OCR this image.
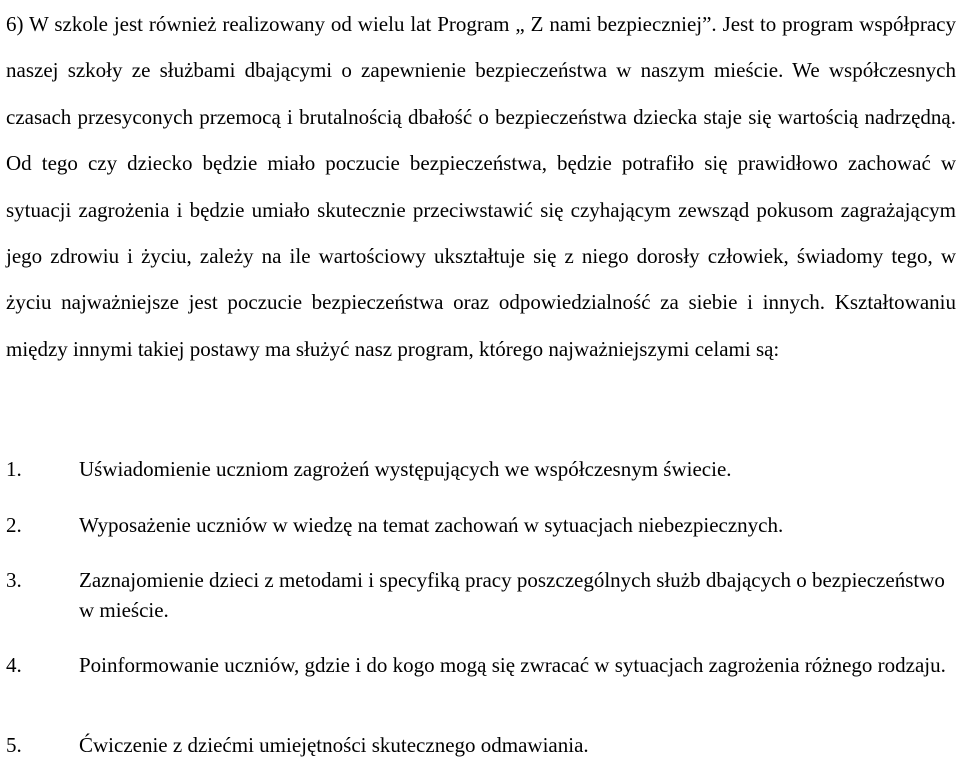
6) W szkole jest również realizowany od wielu lat Program „ Z nami bezpieczniej”. Jest to program współpracy naszej szkoły ze służbami dbającymi o zapewnienie bezpieczeństwa w naszym mieście. We współczesnych czasach przesyconych przemocą i brutalnością dbałość o bezpieczeństwa dziecka staje się wartością nadrzędną. Od tego czy dziecko będzie miało poczucie bezpieczeństwa, będzie potrafiło się prawidłowo zachować w sytuacji zagrożenia i będzie umiało skutecznie przeciwstawić się czyhającym zewsząd pokusom zagrażającym jego zdrowiu i życiu, zależy na ile wartościowy ukształtuje się z niego dorosły człowiek, świadomy tego, w życiu najważniejsze jest poczucie bezpieczeństwa oraz odpowiedzialność za siebie i innych. Kształtowaniu między innymi takiej postawy ma służyć nasz program, którego najważniejszymi celami są:

1.	Uświadomienie uczniom zagrożeń występujących we współczesnym świecie.
2.	Wyposażenie uczniów w wiedzę na temat zachowań w sytuacjach niebezpiecznych.
3.	Zaznajomienie dzieci z metodami i specyfiką pracy poszczególnych służb dbających o bezpieczeństwo w mieście.
4.	Poinformowanie uczniów, gdzie i do kogo mogą się zwracać w sytuacjach zagrożenia różnego rodzaju.
5.	Ćwiczenie z dziećmi umiejętności skutecznego odmawiania.
